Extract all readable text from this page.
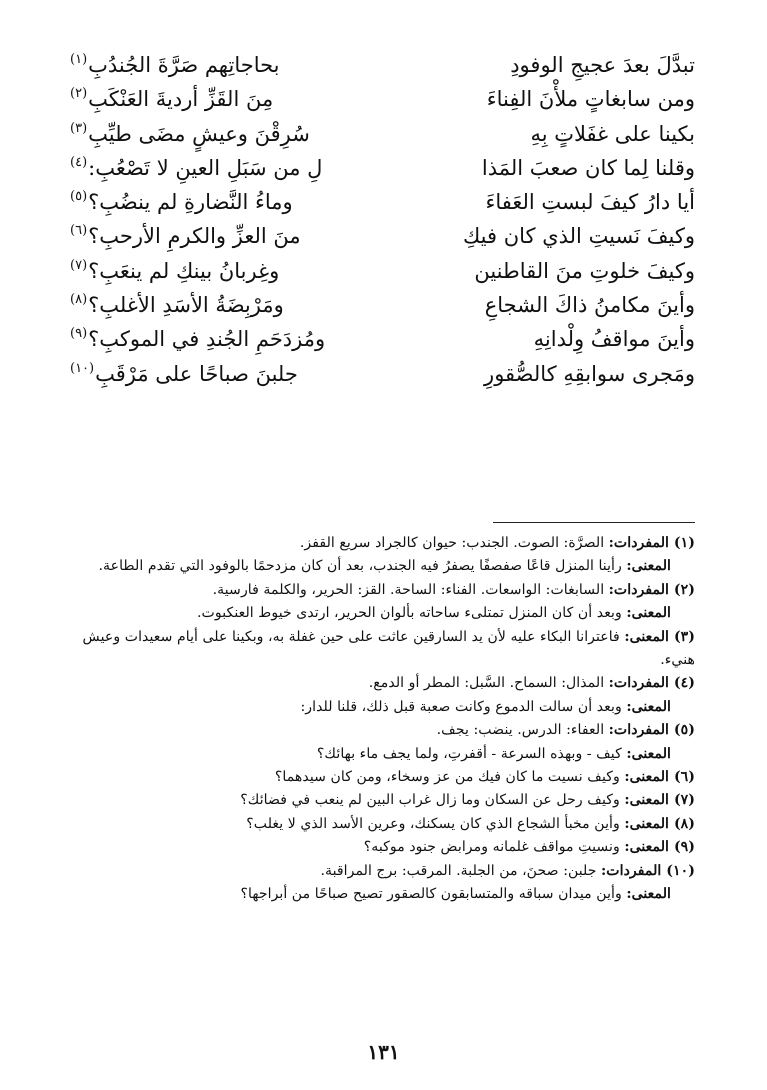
تبدَّلَ بعدَ عجيجِ الوفودِ
بحاجاتِهم صَرَّةَ الجُندُبِ$^{(١)}$
ومن سابغاتٍ ملأْنَ الفِناءَ
مِنَ القَزِّ أرديةَ العَنْكَبِ$^{(٢)}$
بكينا على غفَلاتٍ بِهِ
سُرِقْنَ وعيشٍ مضَى طيِّبِ$^{(٣)}$
وقلنا لِما كان صعبَ المَذا
لِ من سَبَلِ العينِ لا تَصْعُبِ:$^{(٤)}$
أيا دارُ كيفَ لبستِ العَفاءَ
وماءُ النَّضارةِ لم ينضُبِ؟$^{(٥)}$
وكيفَ نَسيتِ الذي كان فيكِ
منَ العزِّ والكرمِ الأرحبِ؟$^{(٦)}$
وكيفَ خلوتِ منَ القاطنين
وغِربانُ بينكِ لم ينعَبِ؟$^{(٧)}$
وأينَ مكامنُ ذاكَ الشجاعِ
ومَرْبِضَةُ الأسَدِ الأغلبِ؟$^{(٨)}$
وأينَ مواقفُ وِلْدانِهِ
ومُزدَحَمِ الجُندِ في الموكبِ؟$^{(٩)}$
ومَجرى سوابقِهِ كالصُّقورِ
جلبنَ صباحًا على مَرْقَبِ$^{(١٠)}$

(١) المفردات: الصرَّة: الصوت. الجندب: حيوان كالجراد سريع القفز.

المعنى: رأينا المنزل قاعًا صفصفًا يصفرُ فيه الجندب، بعد أن كان مزدحمًا بالوفود التي تقدم الطاعة.

(٢) المفردات: السابغات: الواسعات. الفناء: الساحة. القز: الحرير، والكلمة فارسية.

المعنى: وبعد أن كان المنزل تمتلىء ساحاته بألوان الحرير، ارتدى خيوط العنكبوت.

(٣) المعنى: فاعترانا البكاء عليه لأن يد السارقين عاثت على حين غفلة به، وبكينا على أيام سعيدات وعيش هنيء.

(٤) المفردات: المذال: السماح. السَّبل: المطر أو الدمع.

المعنى: وبعد أن سالت الدموع وكانت صعبة قبل ذلك، قلنا للدار:

(٥) المفردات: العفاء: الدرس. ينضب: يجف.

المعنى: كيف - وبهذه السرعة - أقفرتِ، ولما يجف ماء بهائك؟

(٦) المعنى: وكيف نسيت ما كان فيك من عز وسخاء، ومن كان سيدهما؟

(٧) المعنى: وكيف رحل عن السكان وما زال غراب البين لم ينعب في فضائك؟

(٨) المعنى: وأين مخبأ الشجاع الذي كان يسكنك، وعرين الأسد الذي لا يغلب؟

(٩) المعنى: ونسيتِ مواقف غلمانه ومرابض جنود موكبه؟

(١٠) المفردات: جلبن: صحنَ، من الجلبة. المرقب: برج المراقبة.

المعنى: وأين ميدان سباقه والمتسابقون كالصقور تصيح صباحًا من أبراجها؟

١٣١
